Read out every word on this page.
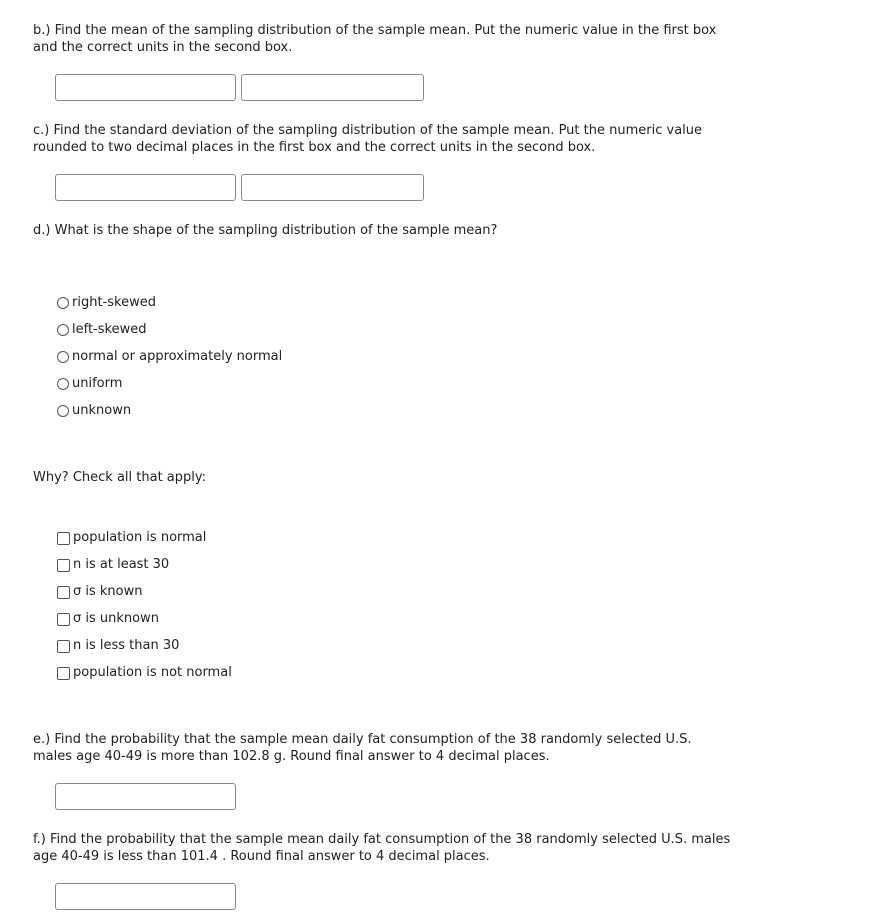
b.) Find the mean of the sampling distribution of the sample mean. Put the numeric value in the first box and the correct units in the second box.

c.) Find the standard deviation of the sampling distribution of the sample mean. Put the numeric value rounded to two decimal places in the first box and the correct units in the second box.

d.) What is the shape of the sampling distribution of the sample mean?

right-skewed
left-skewed
normal or approximately normal
uniform
unknown

Why? Check all that apply:

population is normal
n is at least 30
σ is known
σ is unknown
n is less than 30
population is not normal

e.) Find the probability that the sample mean daily fat consumption of the 38 randomly selected U.S. males age 40-49 is more than 102.8 g. Round final answer to 4 decimal places.

f.) Find the probability that the sample mean daily fat consumption of the 38 randomly selected U.S. males age 40-49 is less than 101.4 . Round final answer to 4 decimal places.
